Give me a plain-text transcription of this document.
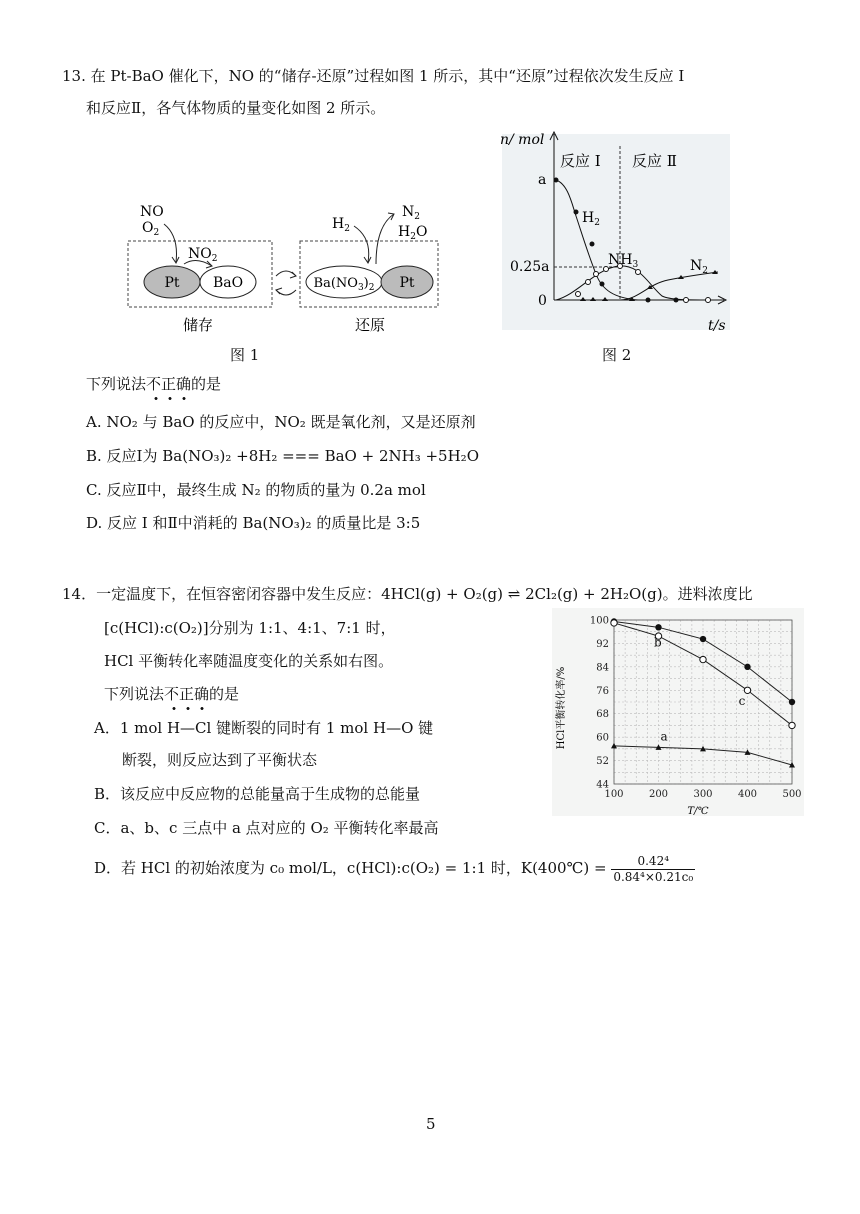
13. 在 Pt-BaO 催化下，NO 的“储存-还原”过程如图 1 所示，其中“还原”过程依次发生反应 I
和反应Ⅱ，各气体物质的量变化如图 2 所示。
Pt BaO	$Ba(NO_3)_2$ Pt
NO
$O_2$
$NO_2$
$H_2$
$N_2$
$H_2O$
储存	还原
图 1
n/ mol
a
0.25a
0
t/s
反应 I 反应 Ⅱ
$H_2$
$NH_3$	$N_2$
图 2
下列说法不正确的是
A. NO₂ 与 BaO 的反应中，NO₂ 既是氧化剂，又是还原剂
B. 反应I为 Ba(NO₃)₂ +8H₂ === BaO + 2NH₃ +5H₂O
C. 反应Ⅱ中，最终生成 N₂ 的物质的量为 0.2a mol
D. 反应 I 和Ⅱ中消耗的 Ba(NO₃)₂ 的质量比是 3:5
14．一定温度下，在恒容密闭容器中发生反应：4HCl(g) + O₂(g) ⇌ 2Cl₂(g) + 2H₂O(g)。进料浓度比
[c(HCl):c(O₂)]分别为 1:1、4:1、7:1 时，
HCl 平衡转化率随温度变化的关系如右图。
下列说法不正确的是
A．1 mol H—Cl 键断裂的同时有 1 mol H—O 键
断裂，则反应达到了平衡状态
B．该反应中反应物的总能量高于生成物的总能量
C．a、b、c 三点中 a 点对应的 O₂ 平衡转化率最高
D．若 HCl 的初始浓度为 c₀ mol/L，c(HCl):c(O₂) = 1:1 时，K(400℃) = $\frac{\text{0.42⁴}}{\text{0.84⁴×0.21c₀}}$
100	200	300	400	500
44
52
60
68
76
84
92
100
a
b
c
HCl平衡转化率/%
T/℃
5
